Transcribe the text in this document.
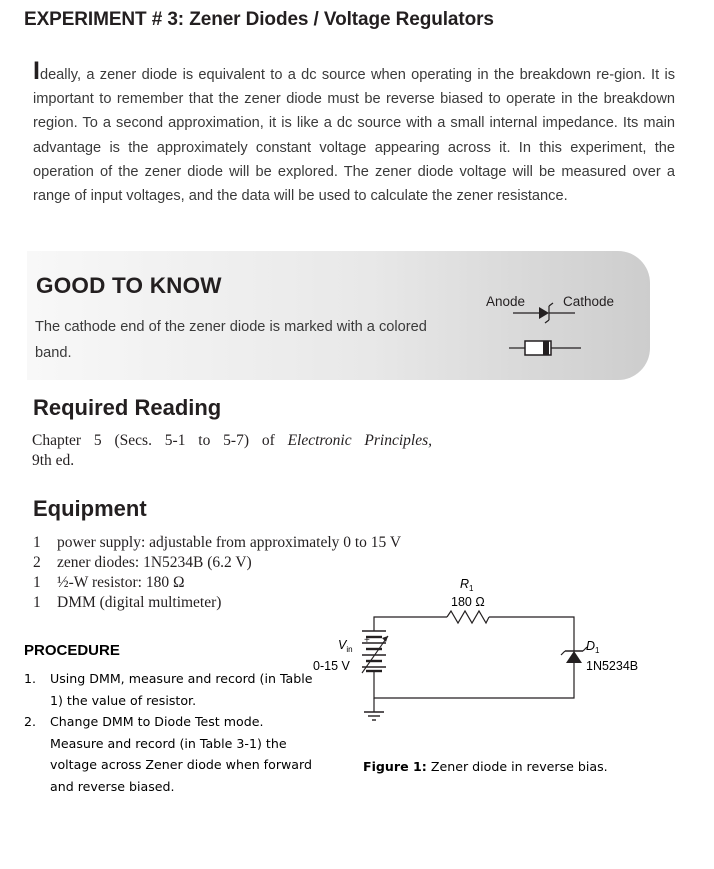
EXPERIMENT # 3: Zener Diodes / Voltage Regulators
Ideally, a zener diode is equivalent to a dc source when operating in the breakdown re-gion. It is important to remember that the zener diode must be reverse biased to operate in the breakdown region. To a second approximation, it is like a dc source with a small internal impedance. Its main advantage is the approximately constant voltage appearing across it. In this experiment, the operation of the zener diode will be explored. The zener diode voltage will be measured over a range of input voltages, and the data will be used to calculate the zener resistance.
GOOD TO KNOW
The cathode end of the zener diode is marked with a colored band.
Anode	Cathode
Required Reading
Chapter 5 (Secs. 5-1 to 5-7) of Electronic Principles,
9th ed.
Equipment
1 power supply: adjustable from approximately 0 to 15 V
2 zener diodes: 1N5234B (6.2 V)
1 ½-W resistor: 180 Ω
1 DMM (digital multimeter)
PROCEDURE
1. Using DMM, measure and record (in Table 1) the value of resistor.
2. Change DMM to Diode Test mode. Measure and record (in Table 3-1) the voltage across Zener diode when forward and reverse biased.
$R_1$
180 Ω
$V_{in}$
0-15 V
+	$D_1$
1N5234B
Figure 1: Zener diode in reverse bias.
